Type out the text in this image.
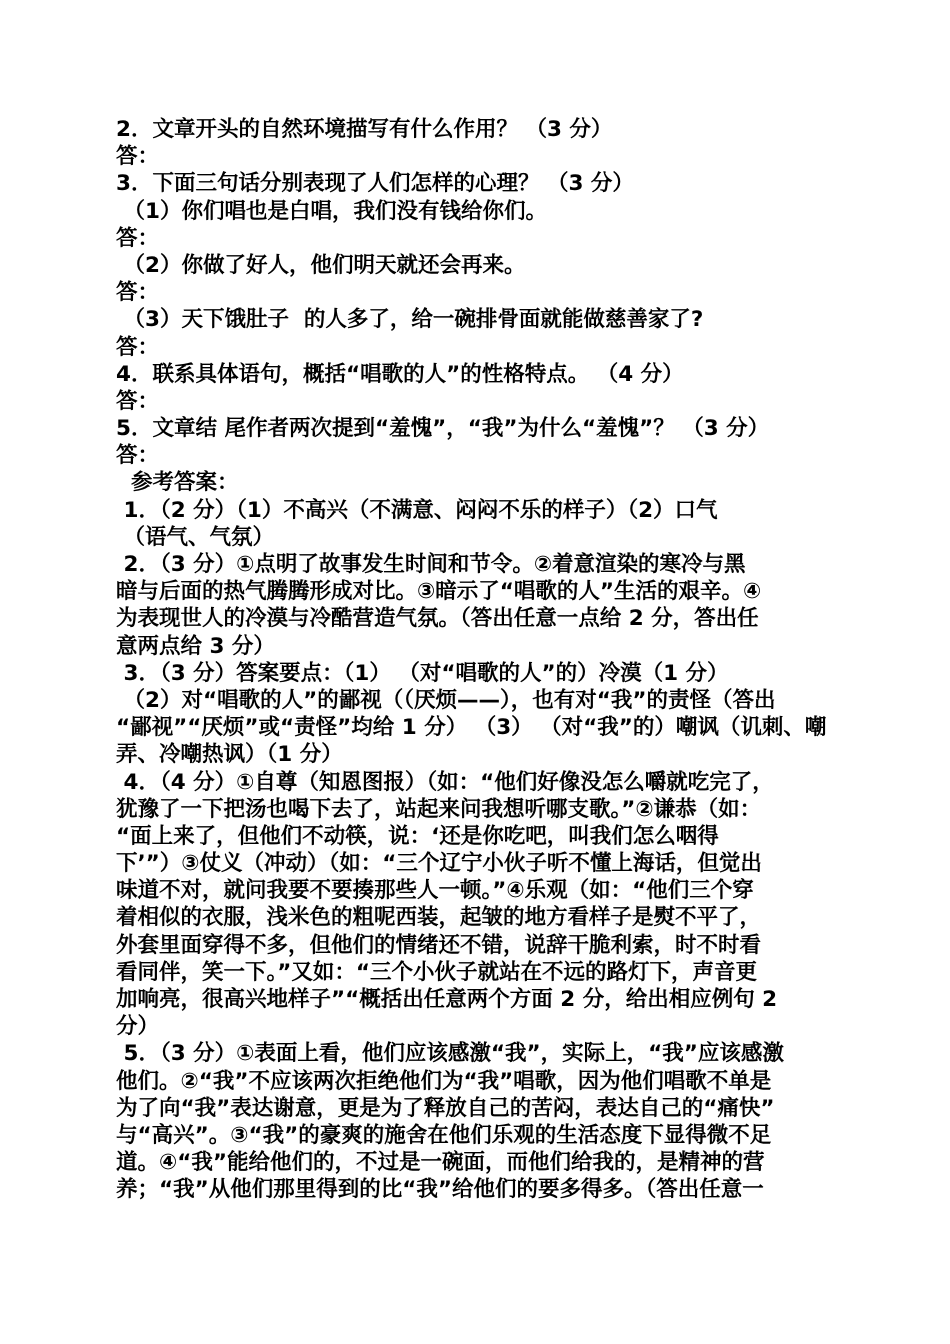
2．文章开头的自然环境描写有什么作用？ （3 分）
答：
3．下面三句话分别表现了人们怎样的心理？ （3 分）
（1）你们唱也是白唱，我们没有钱给你们。
答：
（2）你做了好人，他们明天就还会再来。
答：
（3）天下饿肚子  的人多了，给一碗排骨面就能做慈善家了?
答：
4．联系具体语句，概括“唱歌的人”的性格特点。 （4 分）
答：
5．文章结 尾作者两次提到“羞愧”，“我”为什么“羞愧”？ （3 分）
答：
参考答案：
1．（2 分）（1）不高兴（不满意、闷闷不乐的样子）（2）口气
（语气、气氛）
2．（3 分）①点明了故事发生时间和节令。②着意渲染的寒冷与黑
暗与后面的热气腾腾形成对比。③暗示了“唱歌的人”生活的艰辛。④
为表现世人的冷漠与冷酷营造气氛。（答出任意一点给 2 分，答出任
意两点给 3 分）
3．（3 分）答案要点：（1） （对“唱歌的人”的）冷漠（1 分）
（2）对“唱歌的人”的鄙视（（厌烦——），也有对“我”的责怪（答出
“鄙视”“厌烦”或“责怪”均给 1 分） （3） （对“我”的）嘲讽（讥刺、嘲
弄、冷嘲热讽）（1 分）
4．（4 分）①自尊（知恩图报）（如：“他们好像没怎么嚼就吃完了，
犹豫了一下把汤也喝下去了，站起来问我想听哪支歌。”②谦恭（如：
“面上来了，但他们不动筷，说：‘还是你吃吧，叫我们怎么咽得
下’”）③仗义（冲动）（如：“三个辽宁小伙子听不懂上海话，但觉出
味道不对，就问我要不要揍那些人一顿。”④乐观（如：“他们三个穿
着相似的衣服，浅米色的粗呢西装，起皱的地方看样子是熨不平了，
外套里面穿得不多，但他们的情绪还不错，说辞干脆利索，时不时看
看同伴，笑一下。”又如：“三个小伙子就站在不远的路灯下，声音更
加响亮，很高兴地样子”“概括出任意两个方面 2 分，给出相应例句 2
分）
5．（3 分）①表面上看，他们应该感激“我”，实际上，“我”应该感激
他们。②“我”不应该两次拒绝他们为“我”唱歌，因为他们唱歌不单是
为了向“我”表达谢意，更是为了释放自己的苦闷，表达自己的“痛快”
与“高兴”。③“我”的豪爽的施舍在他们乐观的生活态度下显得微不足
道。④“我”能给他们的，不过是一碗面，而他们给我的，是精神的营
养；“我”从他们那里得到的比“我”给他们的要多得多。（答出任意一
